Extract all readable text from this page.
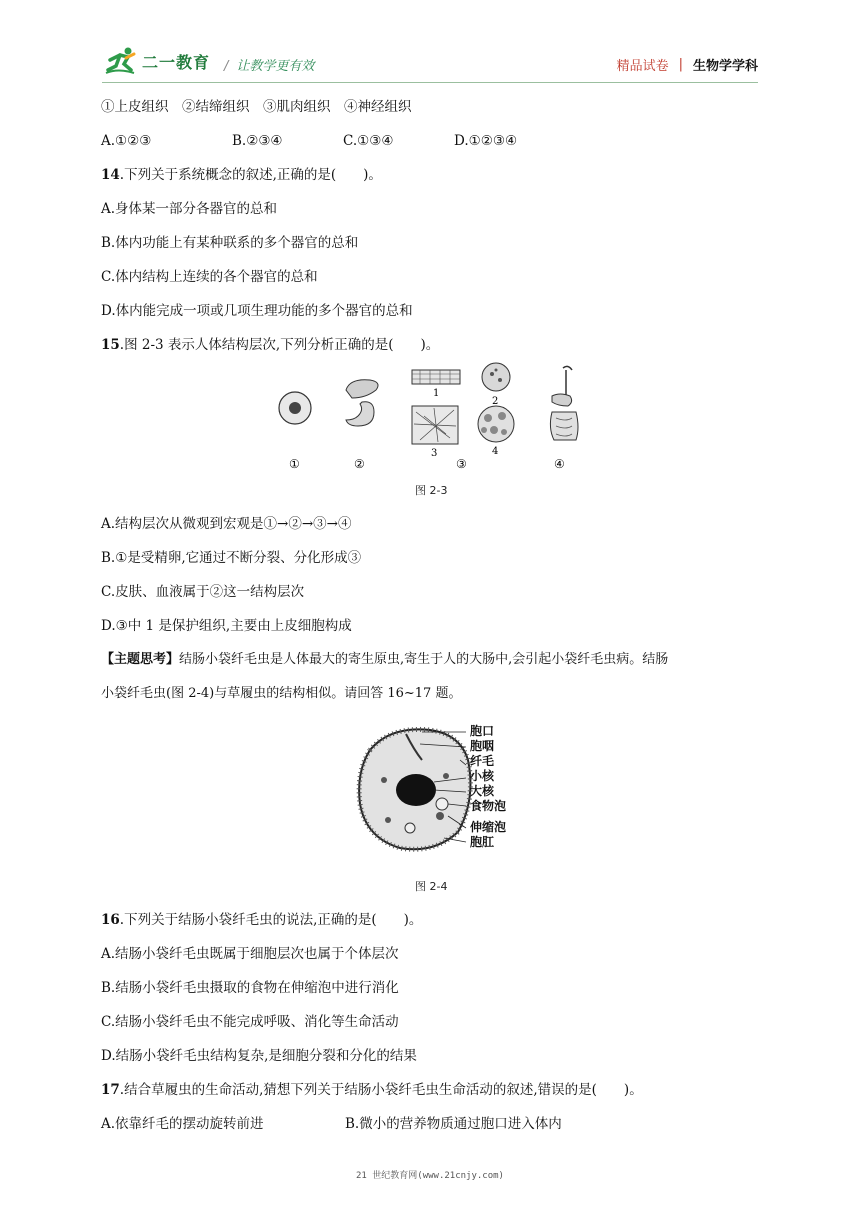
二一教育 / 让教学更有效	精品试卷 | 生物学学科
①上皮组织　②结缔组织　③肌肉组织　④神经组织
A.①②③	B.②③④	C.①③④	D.①②③④
14.下列关于系统概念的叙述,正确的是(　　)。
A.身体某一部分各器官的总和
B.体内功能上有某种联系的多个器官的总和
C.体内结构上连续的各个器官的总和
D.体内能完成一项或几项生理功能的多个器官的总和
15.图 2-3 表示人体结构层次,下列分析正确的是(　　)。
1
2
3	4
①	②	③	④
图 2-3
A.结构层次从微观到宏观是①→②→③→④
B.①是受精卵,它通过不断分裂、分化形成③
C.皮肤、血液属于②这一结构层次
D.③中 1 是保护组织,主要由上皮细胞构成
【主题思考】结肠小袋纤毛虫是人体最大的寄生原虫,寄生于人的大肠中,会引起小袋纤毛虫病。结肠
小袋纤毛虫(图 2-4)与草履虫的结构相似。请回答 16~17 题。
胞口
胞咽
纤毛
小核
大核
食物泡
伸缩泡
胞肛
图 2-4
16.下列关于结肠小袋纤毛虫的说法,正确的是(　　)。
A.结肠小袋纤毛虫既属于细胞层次也属于个体层次
B.结肠小袋纤毛虫摄取的食物在伸缩泡中进行消化
C.结肠小袋纤毛虫不能完成呼吸、消化等生命活动
D.结肠小袋纤毛虫结构复杂,是细胞分裂和分化的结果
17.结合草履虫的生命活动,猜想下列关于结肠小袋纤毛虫生命活动的叙述,错误的是(　　)。
A.依靠纤毛的摆动旋转前进	B.微小的营养物质通过胞口进入体内
21 世纪教育网(www.21cnjy.com)
